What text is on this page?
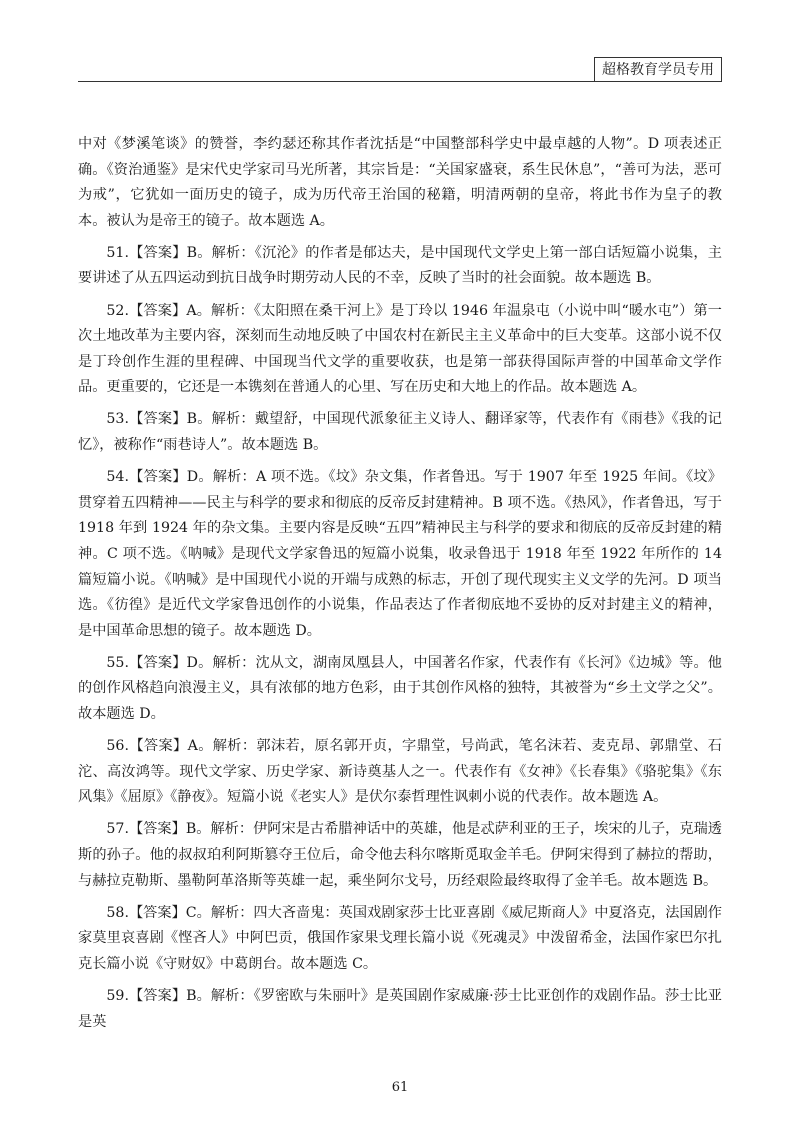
超格教育学员专用

中对《梦溪笔谈》的赞誉，李约瑟还称其作者沈括是“中国整部科学史中最卓越的人物”。D 项表述正确。《资治通鉴》是宋代史学家司马光所著，其宗旨是：“关国家盛衰，系生民休息”，“善可为法，恶可为戒”，它犹如一面历史的镜子，成为历代帝王治国的秘籍，明清两朝的皇帝，将此书作为皇子的教本。被认为是帝王的镜子。故本题选 A。

51.【答案】B。解析：《沉沦》的作者是郁达夫，是中国现代文学史上第一部白话短篇小说集，主要讲述了从五四运动到抗日战争时期劳动人民的不幸，反映了当时的社会面貌。故本题选 B。

52.【答案】A。解析：《太阳照在桑干河上》是丁玲以 1946 年温泉屯（小说中叫“暖水屯”）第一次土地改革为主要内容，深刻而生动地反映了中国农村在新民主主义革命中的巨大变革。这部小说不仅是丁玲创作生涯的里程碑、中国现当代文学的重要收获，也是第一部获得国际声誉的中国革命文学作品。更重要的，它还是一本镌刻在普通人的心里、写在历史和大地上的作品。故本题选 A。

53.【答案】B。解析：戴望舒，中国现代派象征主义诗人、翻译家等，代表作有《雨巷》《我的记忆》，被称作“雨巷诗人”。故本题选 B。

54.【答案】D。解析：A 项不选。《坟》杂文集，作者鲁迅。写于 1907 年至 1925 年间。《坟》贯穿着五四精神——民主与科学的要求和彻底的反帝反封建精神。B 项不选。《热风》，作者鲁迅，写于 1918 年到 1924 年的杂文集。主要内容是反映“五四”精神民主与科学的要求和彻底的反帝反封建的精神。C 项不选。《呐喊》是现代文学家鲁迅的短篇小说集，收录鲁迅于 1918 年至 1922 年所作的 14 篇短篇小说。《呐喊》是中国现代小说的开端与成熟的标志，开创了现代现实主义文学的先河。D 项当选。《彷徨》是近代文学家鲁迅创作的小说集，作品表达了作者彻底地不妥协的反对封建主义的精神，是中国革命思想的镜子。故本题选 D。

55.【答案】D。解析：沈从文，湖南凤凰县人，中国著名作家，代表作有《长河》《边城》等。他的创作风格趋向浪漫主义，具有浓郁的地方色彩，由于其创作风格的独特，其被誉为“乡土文学之父”。故本题选 D。

56.【答案】A。解析：郭沫若，原名郭开贞，字鼎堂，号尚武，笔名沫若、麦克昂、郭鼎堂、石沱、高汝鸿等。现代文学家、历史学家、新诗奠基人之一。代表作有《女神》《长春集》《骆驼集》《东风集》《屈原》《静夜》。短篇小说《老实人》是伏尔泰哲理性讽刺小说的代表作。故本题选 A。

57.【答案】B。解析：伊阿宋是古希腊神话中的英雄，他是忒萨利亚的王子，埃宋的儿子，克瑞透斯的孙子。他的叔叔珀利阿斯篡夺王位后，命令他去科尔喀斯觅取金羊毛。伊阿宋得到了赫拉的帮助，与赫拉克勒斯、墨勒阿革洛斯等英雄一起，乘坐阿尔戈号，历经艰险最终取得了金羊毛。故本题选 B。

58.【答案】C。解析：四大吝啬鬼：英国戏剧家莎士比亚喜剧《威尼斯商人》中夏洛克，法国剧作家莫里哀喜剧《悭吝人》中阿巴贡，俄国作家果戈理长篇小说《死魂灵》中泼留希金，法国作家巴尔扎克长篇小说《守财奴》中葛朗台。故本题选 C。

59.【答案】B。解析：《罗密欧与朱丽叶》是英国剧作家威廉·莎士比亚创作的戏剧作品。莎士比亚是英

61
